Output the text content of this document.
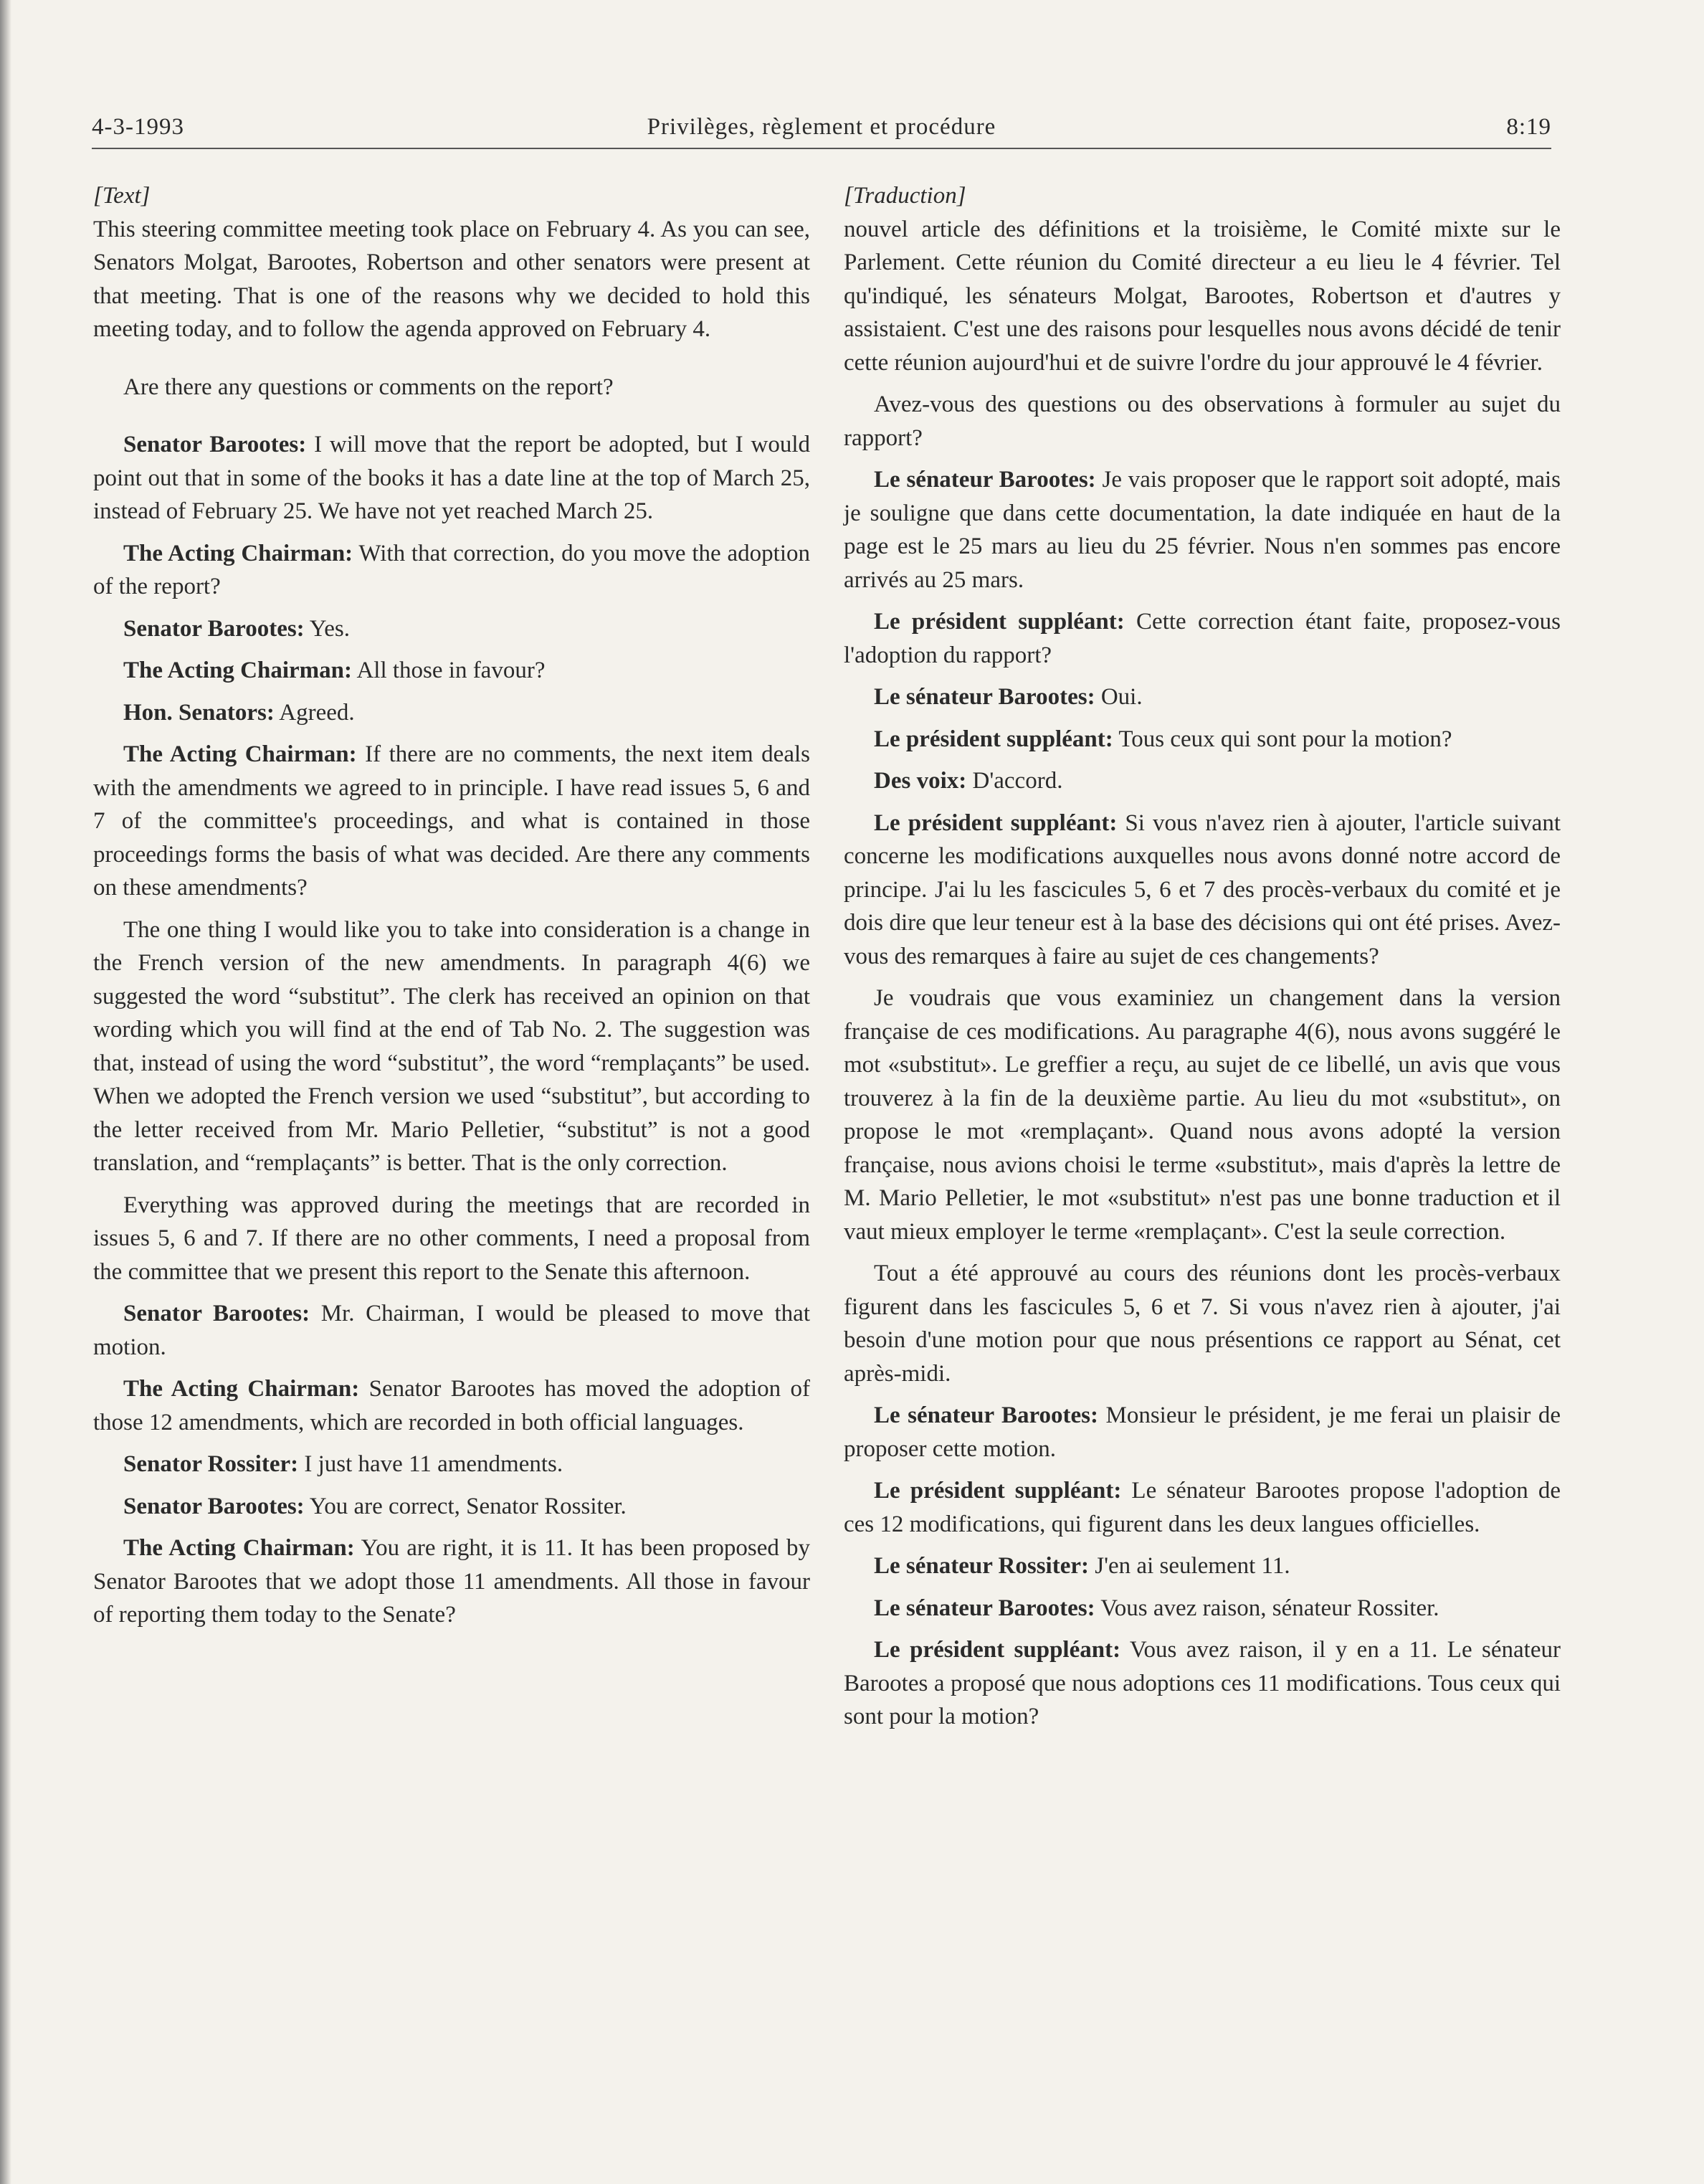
4-3-1993	Privilèges, règlement et procédure	8:19

[Text]

This steering committee meeting took place on February 4. As you can see, Senators Molgat, Barootes, Robertson and other senators were present at that meeting. That is one of the reasons why we decided to hold this meeting today, and to follow the agenda approved on February 4.

Are there any questions or comments on the report?

Senator Barootes: I will move that the report be adopted, but I would point out that in some of the books it has a date line at the top of March 25, instead of February 25. We have not yet reached March 25.

The Acting Chairman: With that correction, do you move the adoption of the report?

Senator Barootes: Yes.

The Acting Chairman: All those in favour?

Hon. Senators: Agreed.

The Acting Chairman: If there are no comments, the next item deals with the amendments we agreed to in principle. I have read issues 5, 6 and 7 of the committee's proceedings, and what is contained in those proceedings forms the basis of what was decided. Are there any comments on these amendments?

The one thing I would like you to take into consideration is a change in the French version of the new amendments. In paragraph 4(6) we suggested the word “substitut”. The clerk has received an opinion on that wording which you will find at the end of Tab No. 2. The suggestion was that, instead of using the word “substitut”, the word “remplaçants” be used. When we adopted the French version we used “substitut”, but according to the letter received from Mr. Mario Pelletier, “substitut” is not a good translation, and “remplaçants” is better. That is the only correction.

Everything was approved during the meetings that are recorded in issues 5, 6 and 7. If there are no other comments, I need a proposal from the committee that we present this report to the Senate this afternoon.

Senator Barootes: Mr. Chairman, I would be pleased to move that motion.

The Acting Chairman: Senator Barootes has moved the adoption of those 12 amendments, which are recorded in both official languages.

Senator Rossiter: I just have 11 amendments.

Senator Barootes: You are correct, Senator Rossiter.

The Acting Chairman: You are right, it is 11. It has been proposed by Senator Barootes that we adopt those 11 amendments. All those in favour of reporting them today to the Senate?

[Traduction]

nouvel article des définitions et la troisième, le Comité mixte sur le Parlement. Cette réunion du Comité directeur a eu lieu le 4 février. Tel qu'indiqué, les sénateurs Molgat, Barootes, Robertson et d'autres y assistaient. C'est une des raisons pour lesquelles nous avons décidé de tenir cette réunion aujourd'hui et de suivre l'ordre du jour approuvé le 4 février.

Avez-vous des questions ou des observations à formuler au sujet du rapport?

Le sénateur Barootes: Je vais proposer que le rapport soit adopté, mais je souligne que dans cette documentation, la date indiquée en haut de la page est le 25 mars au lieu du 25 février. Nous n'en sommes pas encore arrivés au 25 mars.

Le président suppléant: Cette correction étant faite, proposez-vous l'adoption du rapport?

Le sénateur Barootes: Oui.

Le président suppléant: Tous ceux qui sont pour la motion?

Des voix: D'accord.

Le président suppléant: Si vous n'avez rien à ajouter, l'article suivant concerne les modifications auxquelles nous avons donné notre accord de principe. J'ai lu les fascicules 5, 6 et 7 des procès-verbaux du comité et je dois dire que leur teneur est à la base des décisions qui ont été prises. Avez-vous des remarques à faire au sujet de ces changements?

Je voudrais que vous examiniez un changement dans la version française de ces modifications. Au paragraphe 4(6), nous avons suggéré le mot «substitut». Le greffier a reçu, au sujet de ce libellé, un avis que vous trouverez à la fin de la deuxième partie. Au lieu du mot «substitut», on propose le mot «remplaçant». Quand nous avons adopté la version française, nous avions choisi le terme «substitut», mais d'après la lettre de M. Mario Pelletier, le mot «substitut» n'est pas une bonne traduction et il vaut mieux employer le terme «remplaçant». C'est la seule correction.

Tout a été approuvé au cours des réunions dont les procès-verbaux figurent dans les fascicules 5, 6 et 7. Si vous n'avez rien à ajouter, j'ai besoin d'une motion pour que nous présentions ce rapport au Sénat, cet après-midi.

Le sénateur Barootes: Monsieur le président, je me ferai un plaisir de proposer cette motion.

Le président suppléant: Le sénateur Barootes propose l'adoption de ces 12 modifications, qui figurent dans les deux langues officielles.

Le sénateur Rossiter: J'en ai seulement 11.

Le sénateur Barootes: Vous avez raison, sénateur Rossiter.

Le président suppléant: Vous avez raison, il y en a 11. Le sénateur Barootes a proposé que nous adoptions ces 11 modifications. Tous ceux qui sont pour la motion?
